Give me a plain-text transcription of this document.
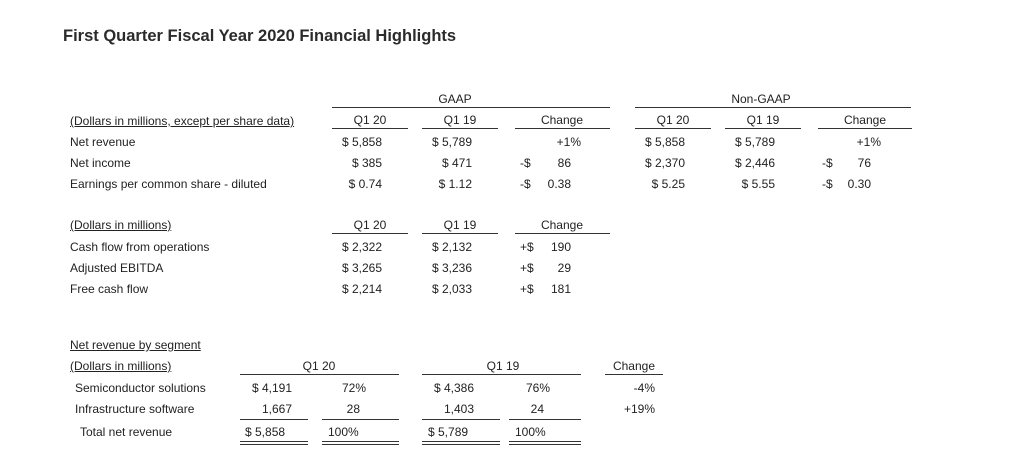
First Quarter Fiscal Year 2020 Financial Highlights
GAAP	Non-GAAP
(Dollars in millions, except per share data)	Q1 20	Q1 19	Change	Q1 20	Q1 19	Change
Net revenue	$ 5,858	$ 5,789	+1%	$ 5,858	$ 5,789	+1%
Net income	$ 385	$ 471	-$	86	$ 2,370	$ 2,446	-$	76
Earnings per common share - diluted	$ 0.74	$ 1.12	-$	0.38	$ 5.25	$ 5.55	-$	0.30
(Dollars in millions)	Q1 20	Q1 19	Change
Cash flow from operations	$ 2,322	$ 2,132	+$	190
Adjusted EBITDA	$ 3,265	$ 3,236	+$	29
Free cash flow	$ 2,214	$ 2,033	+$	181
Net revenue by segment
(Dollars in millions)	Q1 20	Q1 19	Change
Semiconductor solutions	$ 4,191	72%	$ 4,386	76%	-4%
Infrastructure software	1,667	28	1,403	24	+19%
Total net revenue	$ 5,858	100%	$ 5,789	100%
